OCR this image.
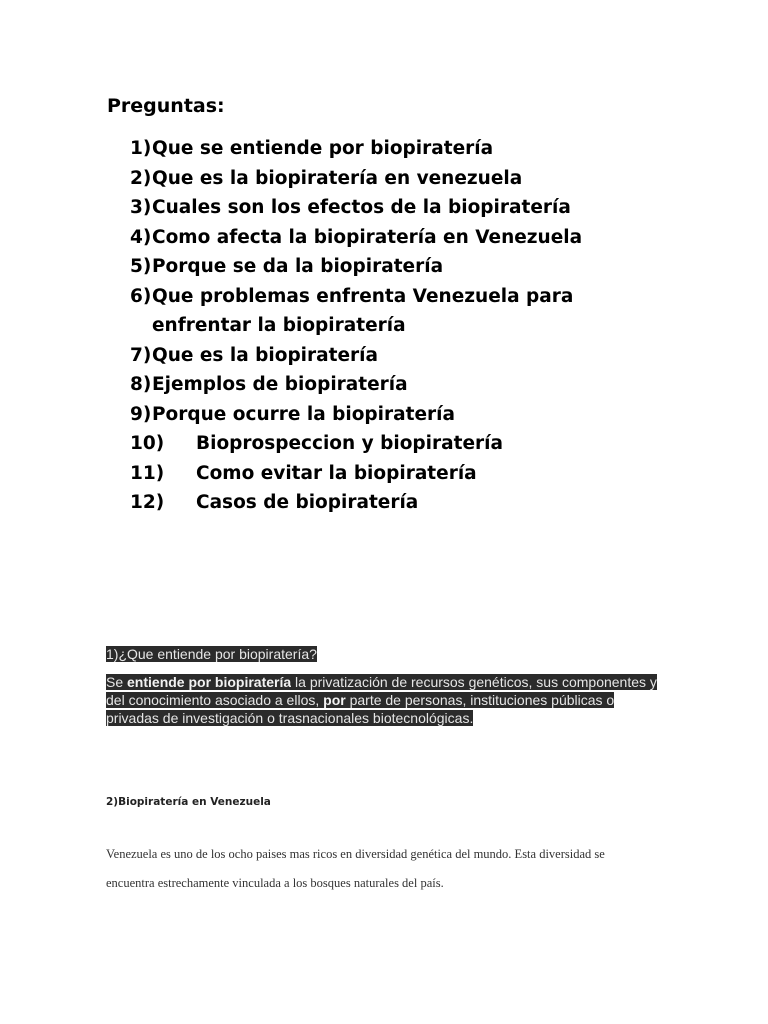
Preguntas:
1) Que se entiende por biopiratería
2) Que es la biopiratería en venezuela
3) Cuales son los efectos de la biopiratería
4) Como afecta la biopiratería en Venezuela
5) Porque se da la biopiratería
6) Que problemas enfrenta Venezuela para
enfrentar la biopiratería
7) Que es la biopiratería
8) Ejemplos de biopiratería
9) Porque ocurre la biopiratería
10)	Bioprospeccion y biopiratería
11)	Como evitar la biopiratería
12)	Casos de biopiratería

1)¿Que entiende por biopiratería?

Se entiende por biopiratería la privatización de recursos genéticos, sus componentes y
del conocimiento asociado a ellos, por parte de personas, instituciones públicas o
privadas de investigación o trasnacionales biotecnológicas.

2)Biopiratería en Venezuela

Venezuela es uno de los ocho paises mas ricos en diversidad genética del mundo. Esta diversidad se
encuentra estrechamente vinculada a los bosques naturales del país.
